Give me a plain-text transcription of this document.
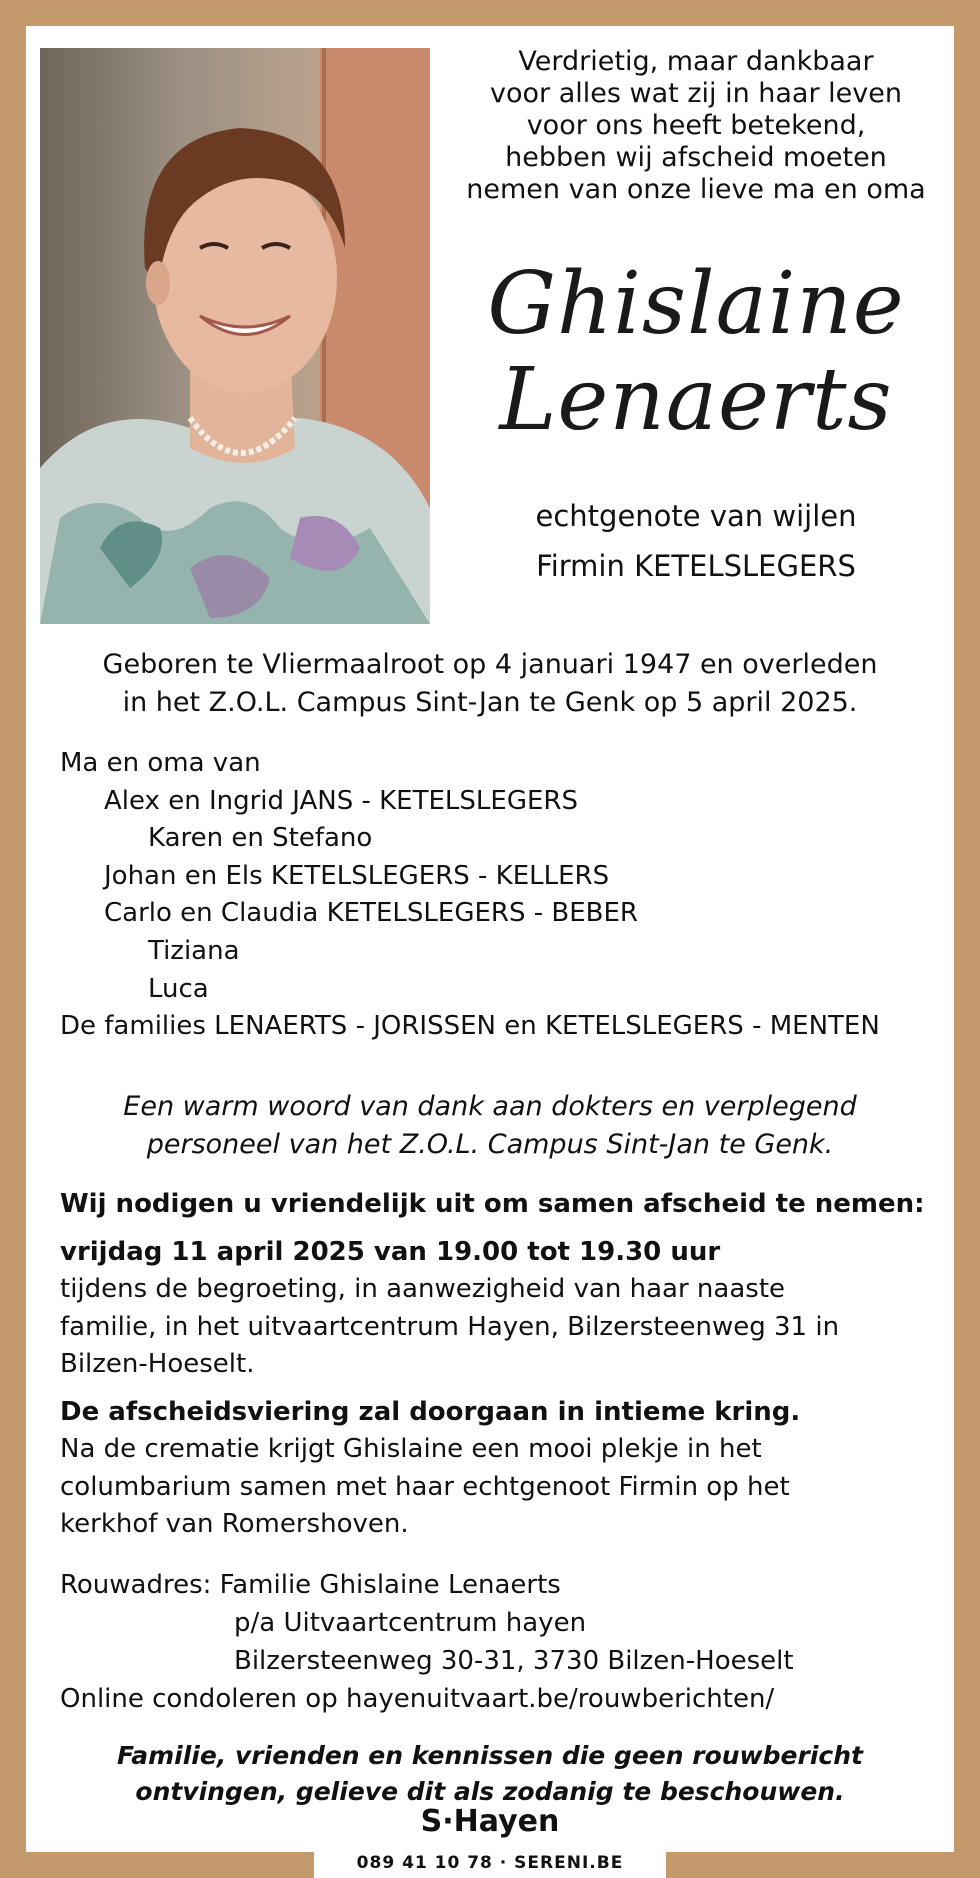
Verdrietig, maar dankbaar
voor alles wat zij in haar leven
voor ons heeft betekend,
hebben wij afscheid moeten
nemen van onze lieve ma en oma
Ghislaine
Lenaerts
echtgenote van wijlen
Firmin KETELSLEGERS
Geboren te Vliermaalroot op 4 januari 1947 en overleden
in het Z.O.L. Campus Sint-Jan te Genk op 5 april 2025.
Ma en oma van
Alex en Ingrid JANS - KETELSLEGERS
Karen en Stefano
Johan en Els KETELSLEGERS - KELLERS
Carlo en Claudia KETELSLEGERS - BEBER
Tiziana
Luca
De families LENAERTS - JORISSEN en KETELSLEGERS - MENTEN
Een warm woord van dank aan dokters en verplegend
personeel van het Z.O.L. Campus Sint-Jan te Genk.
Wij nodigen u vriendelijk uit om samen afscheid te nemen:
vrijdag 11 april 2025 van 19.00 tot 19.30 uur
tijdens de begroeting, in aanwezigheid van haar naaste
familie, in het uitvaartcentrum Hayen, Bilzersteenweg 31 in
Bilzen-Hoeselt.
De afscheidsviering zal doorgaan in intieme kring.
Na de crematie krijgt Ghislaine een mooi plekje in het
columbarium samen met haar echtgenoot Firmin op het
kerkhof van Romershoven.
Rouwadres: Familie Ghislaine Lenaerts
p/a Uitvaartcentrum hayen
Bilzersteenweg 30-31, 3730 Bilzen-Hoeselt
Online condoleren op hayenuitvaart.be/rouwberichten/
Familie, vrienden en kennissen die geen rouwbericht
ontvingen, gelieve dit als zodanig te beschouwen.
S·Hayen
089 41 10 78 · SERENI.BE
